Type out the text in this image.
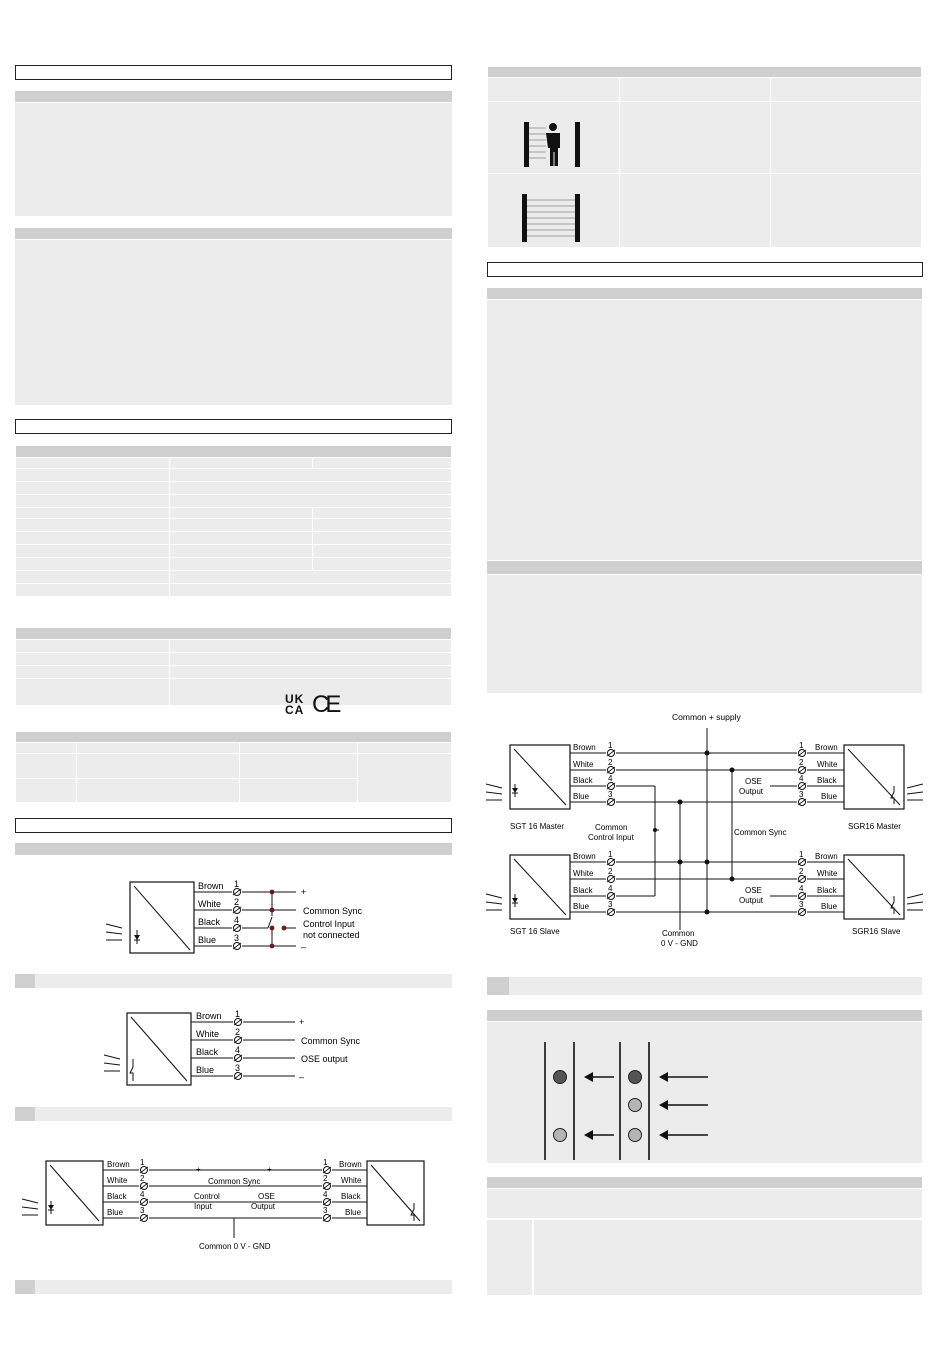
UK
CA CE

Brown
White
Black
Blue
1
2
4
3
+
Common Sync
Control Input
not connected
–
Brown
White
Black
Blue
1
2
4
3
+
Common Sync
OSE output
–
Brown
White
Black
Blue
1
2
4
3
1
2
4
3
Brown
White
Black
Blue
+	+
Common Sync
Control
Input
OSE
Output
Common 0 V - GND

Common + supply
Brown
White
Black
Blue
1
2
4
3
1
2
4
3
Brown
White
Black
Blue
Brown
White
Black
Blue
1
2
4
3
1
2
4
3
Brown
White
Black
Blue
OSE
Output
OSE
Output
Common Sync
Common
Control Input
Common
0 V - GND
SGT 16 Master
SGT 16 Slave
SGR16 Master
SGR16 Slave
